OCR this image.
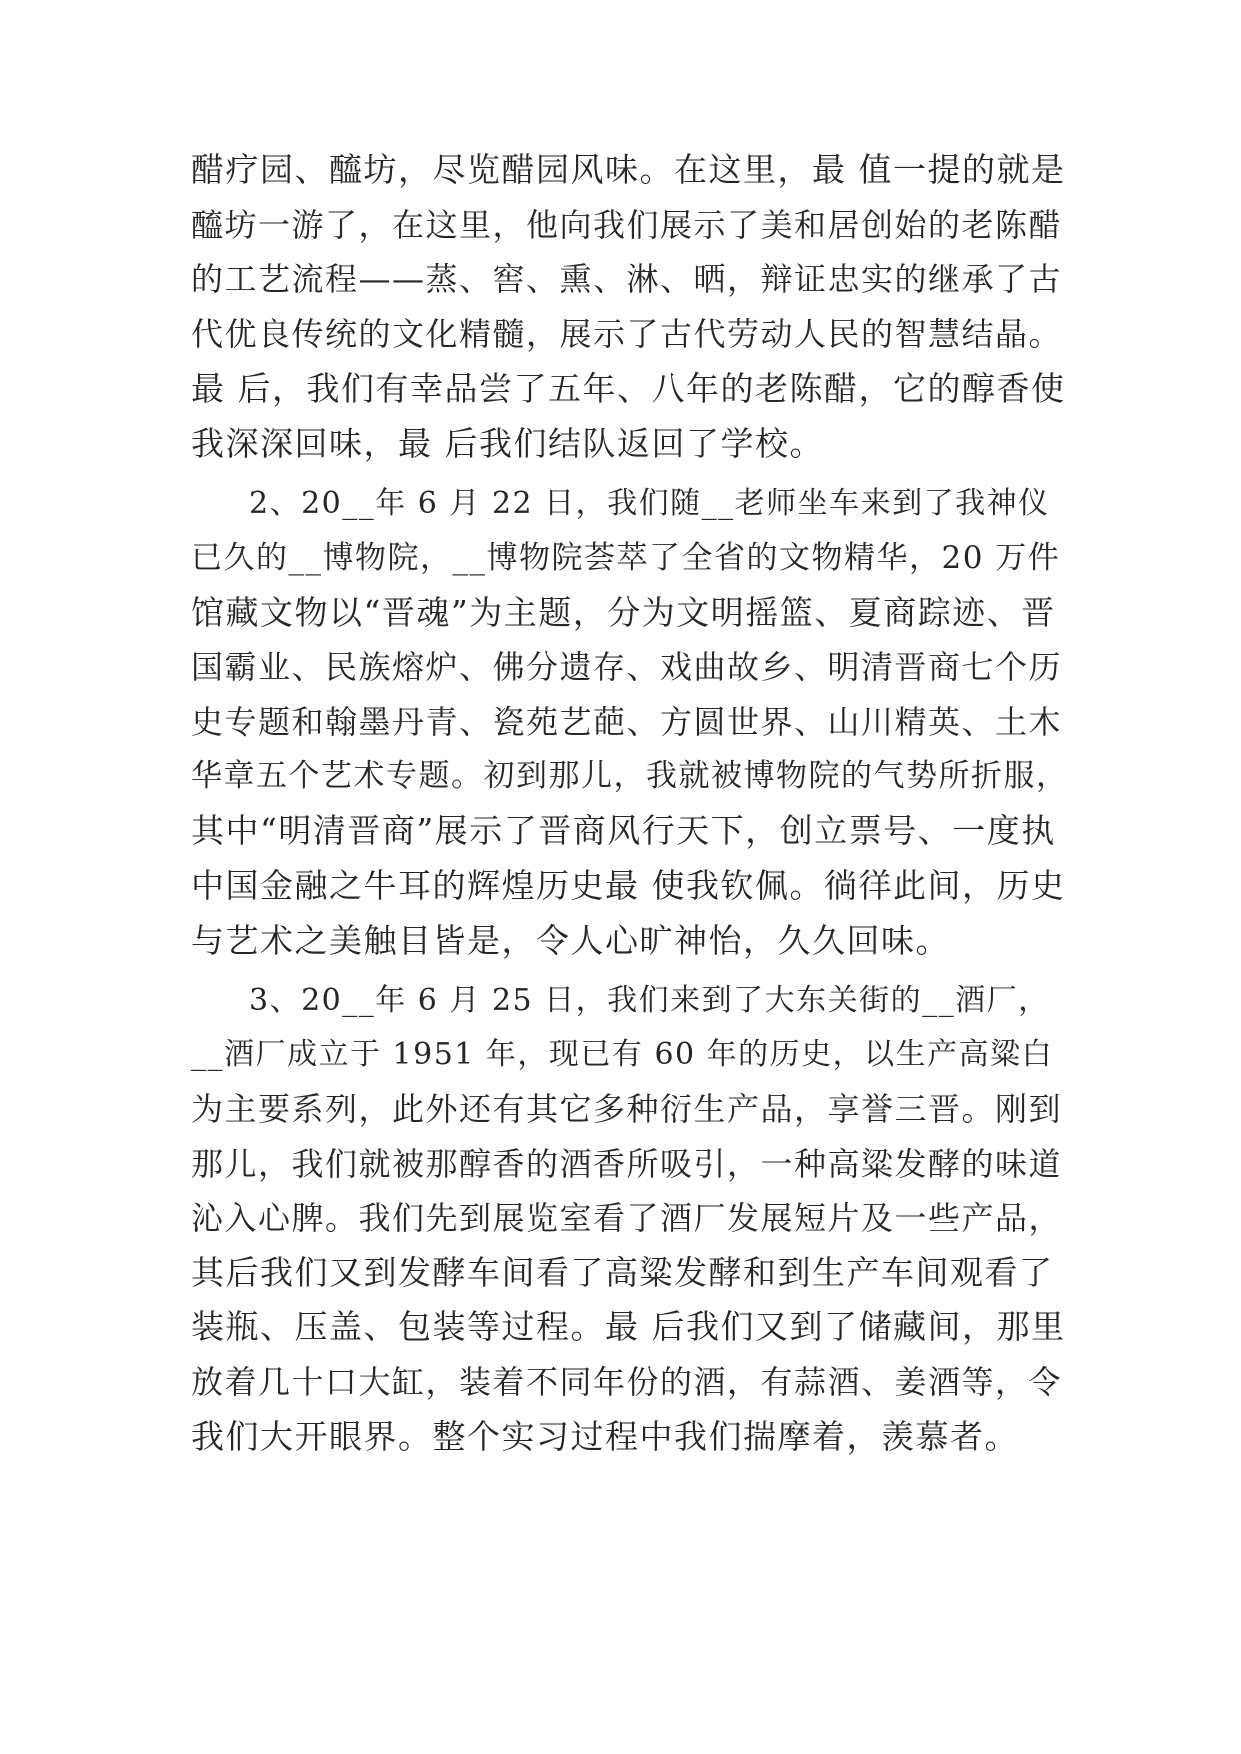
醋疗园、醯坊，尽览醋园风味。在这里，最 值一提的就是
醯坊一游了，在这里，他向我们展示了美和居创始的老陈醋
的工艺流程——蒸、窖、熏、淋、晒，辩证忠实的继承了古
代优良传统的文化精髓，展示了古代劳动人民的智慧结晶。
最 后，我们有幸品尝了五年、八年的老陈醋，它的醇香使
我深深回味，最 后我们结队返回了学校。
2、20__年 6 月 22 日，我们随__老师坐车来到了我神仪
已久的__博物院，__博物院荟萃了全省的文物精华，20 万件
馆藏文物以“晋魂”为主题，分为文明摇篮、夏商踪迹、晋
国霸业、民族熔炉、佛分遗存、戏曲故乡、明清晋商七个历
史专题和翰墨丹青、瓷苑艺葩、方圆世界、山川精英、土木
华章五个艺术专题。初到那儿，我就被博物院的气势所折服，
其中“明清晋商”展示了晋商风行天下，创立票号、一度执
中国金融之牛耳的辉煌历史最 使我钦佩。徜徉此间，历史
与艺术之美触目皆是，令人心旷神怡，久久回味。
3、20__年 6 月 25 日，我们来到了大东关街的__酒厂，
__酒厂成立于 1951 年，现已有 60 年的历史，以生产高粱白
为主要系列，此外还有其它多种衍生产品，享誉三晋。刚到
那儿，我们就被那醇香的酒香所吸引，一种高粱发酵的味道
沁入心脾。我们先到展览室看了酒厂发展短片及一些产品，
其后我们又到发酵车间看了高粱发酵和到生产车间观看了
装瓶、压盖、包装等过程。最 后我们又到了储藏间，那里
放着几十口大缸，装着不同年份的酒，有蒜酒、姜酒等，令
我们大开眼界。整个实习过程中我们揣摩着，羡慕者。
